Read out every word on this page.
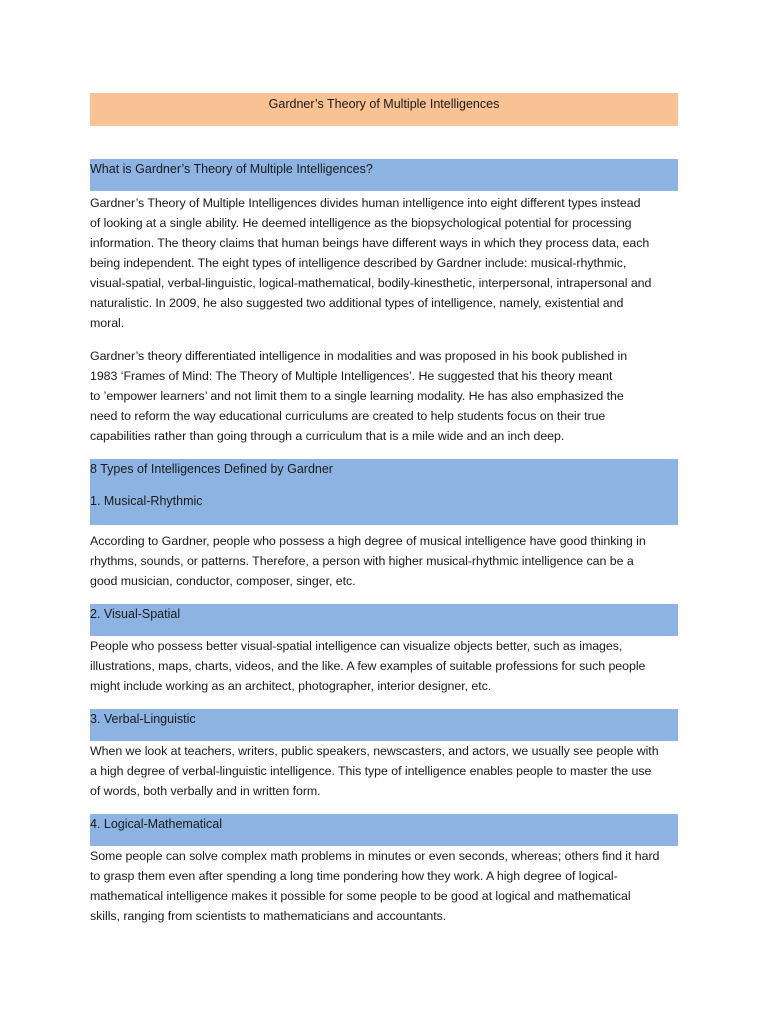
Gardner’s Theory of Multiple Intelligences
What is Gardner’s Theory of Multiple Intelligences?
Gardner’s Theory of Multiple Intelligences divides human intelligence into eight different types instead
of looking at a single ability. He deemed intelligence as the biopsychological potential for processing
information. The theory claims that human beings have different ways in which they process data, each
being independent. The eight types of intelligence described by Gardner include: musical-rhythmic,
visual-spatial, verbal-linguistic, logical-mathematical, bodily-kinesthetic, interpersonal, intrapersonal and
naturalistic. In 2009, he also suggested two additional types of intelligence, namely, existential and
moral.
Gardner’s theory differentiated intelligence in modalities and was proposed in his book published in
1983 ‘Frames of Mind: The Theory of Multiple Intelligences’. He suggested that his theory meant
to ’empower learners’ and not limit them to a single learning modality. He has also emphasized the
need to reform the way educational curriculums are created to help students focus on their true
capabilities rather than going through a curriculum that is a mile wide and an inch deep.
8 Types of Intelligences Defined by Gardner
1. Musical-Rhythmic
According to Gardner, people who possess a high degree of musical intelligence have good thinking in
rhythms, sounds, or patterns. Therefore, a person with higher musical-rhythmic intelligence can be a
good musician, conductor, composer, singer, etc.
2. Visual-Spatial
People who possess better visual-spatial intelligence can visualize objects better, such as images,
illustrations, maps, charts, videos, and the like. A few examples of suitable professions for such people
might include working as an architect, photographer, interior designer, etc.
3. Verbal-Linguistic
When we look at teachers, writers, public speakers, newscasters, and actors, we usually see people with
a high degree of verbal-linguistic intelligence. This type of intelligence enables people to master the use
of words, both verbally and in written form.
4. Logical-Mathematical
Some people can solve complex math problems in minutes or even seconds, whereas; others find it hard
to grasp them even after spending a long time pondering how they work. A high degree of logical-
mathematical intelligence makes it possible for some people to be good at logical and mathematical
skills, ranging from scientists to mathematicians and accountants.
